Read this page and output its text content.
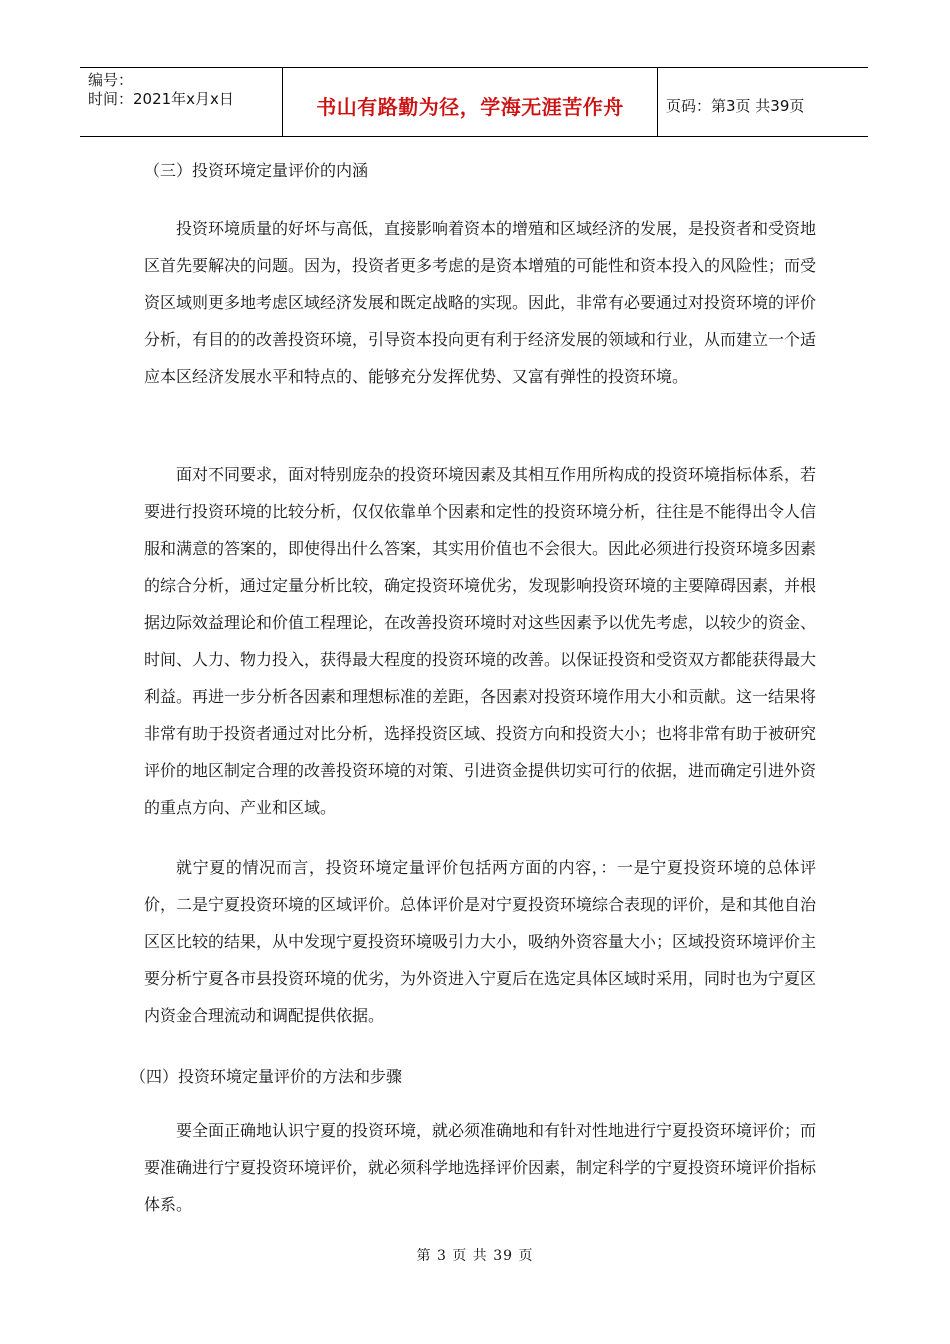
编号：
时间：2021年x月x日	书山有路勤为径，学海无涯苦作舟	页码：第3页 共39页

（三）投资环境定量评价的内涵

投资环境质量的好坏与高低，直接影响着资本的增殖和区域经济的发展，是投资者和受资地区首先要解决的问题。因为，投资者更多考虑的是资本增殖的可能性和资本投入的风险性；而受资区域则更多地考虑区域经济发展和既定战略的实现。因此，非常有必要通过对投资环境的评价分析，有目的的改善投资环境，引导资本投向更有利于经济发展的领域和行业，从而建立一个适应本区经济发展水平和特点的、能够充分发挥优势、又富有弹性的投资环境。

面对不同要求，面对特别庞杂的投资环境因素及其相互作用所构成的投资环境指标体系，若要进行投资环境的比较分析，仅仅依靠单个因素和定性的投资环境分析，往往是不能得出令人信服和满意的答案的，即使得出什么答案，其实用价值也不会很大。因此必须进行投资环境多因素的综合分析，通过定量分析比较，确定投资环境优劣，发现影响投资环境的主要障碍因素，并根据边际效益理论和价值工程理论，在改善投资环境时对这些因素予以优先考虑，以较少的资金、时间、人力、物力投入，获得最大程度的投资环境的改善。以保证投资和受资双方都能获得最大利益。再进一步分析各因素和理想标准的差距，各因素对投资环境作用大小和贡献。这一结果将非常有助于投资者通过对比分析，选择投资区域、投资方向和投资大小；也将非常有助于被研究评价的地区制定合理的改善投资环境的对策、引进资金提供切实可行的依据，进而确定引进外资的重点方向、产业和区域。

就宁夏的情况而言，投资环境定量评价包括两方面的内容，：一是宁夏投资环境的总体评价，二是宁夏投资环境的区域评价。总体评价是对宁夏投资环境综合表现的评价，是和其他自治区区比较的结果，从中发现宁夏投资环境吸引力大小，吸纳外资容量大小；区域投资环境评价主要分析宁夏各市县投资环境的优劣，为外资进入宁夏后在选定具体区域时采用，同时也为宁夏区内资金合理流动和调配提供依据。

（四）投资环境定量评价的方法和步骤

要全面正确地认识宁夏的投资环境，就必须准确地和有针对性地进行宁夏投资环境评价；而要准确进行宁夏投资环境评价，就必须科学地选择评价因素，制定科学的宁夏投资环境评价指标体系。

第 3 页 共 39 页
